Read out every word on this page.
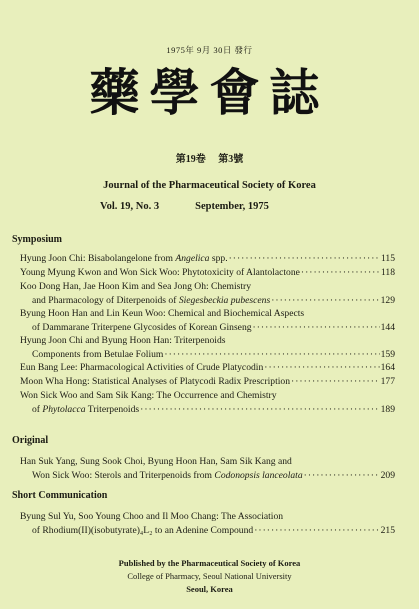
1975年 9月 30日 發行
藥學會誌
第19卷 第3號
Journal of the Pharmaceutical Society of Korea
Vol. 19, No. 3	September, 1975
Symposium
Original
Short Communication
Hyung Joon Chi: Bisabolangelone from Angelica spp. ·····	115
Young Myung Kwon and Won Sick Woo: Phytotoxicity of Alantolactone ·····	118
Koo Dong Han, Jae Hoon Kim and Sea Jong Oh: Chemistry
and Pharmacology of Diterpenoids of Siegesbeckia pubescens ·····	129
Byung Hoon Han and Lin Keun Woo: Chemical and Biochemical Aspects
of Dammarane Triterpene Glycosides of Korean Ginseng ·····	144
Hyung Joon Chi and Byung Hoon Han: Triterpenoids
Components from Betulae Folium ·····	159
Eun Bang Lee: Pharmacological Activities of Crude Platycodin ·····	164
Moon Wha Hong: Statistical Analyses of Platycodi Radix Prescription ·····	177
Won Sick Woo and Sam Sik Kang: The Occurrence and Chemistry
of Phytolacca Triterpenoids ·····	189
Han Suk Yang, Sung Sook Choi, Byung Hoon Han, Sam Sik Kang and
Won Sick Woo: Sterols and Triterpenoids from Codonopsis lanceolata ·····	209
Byung Sul Yu, Soo Young Choo and Il Moo Chang: The Association
of Rhodium(II)(isobutyrate)₄L₂ to an Adenine Compound ·····	215
Published by the Pharmaceutical Society of Korea
College of Pharmacy, Seoul National University
Seoul, Korea
